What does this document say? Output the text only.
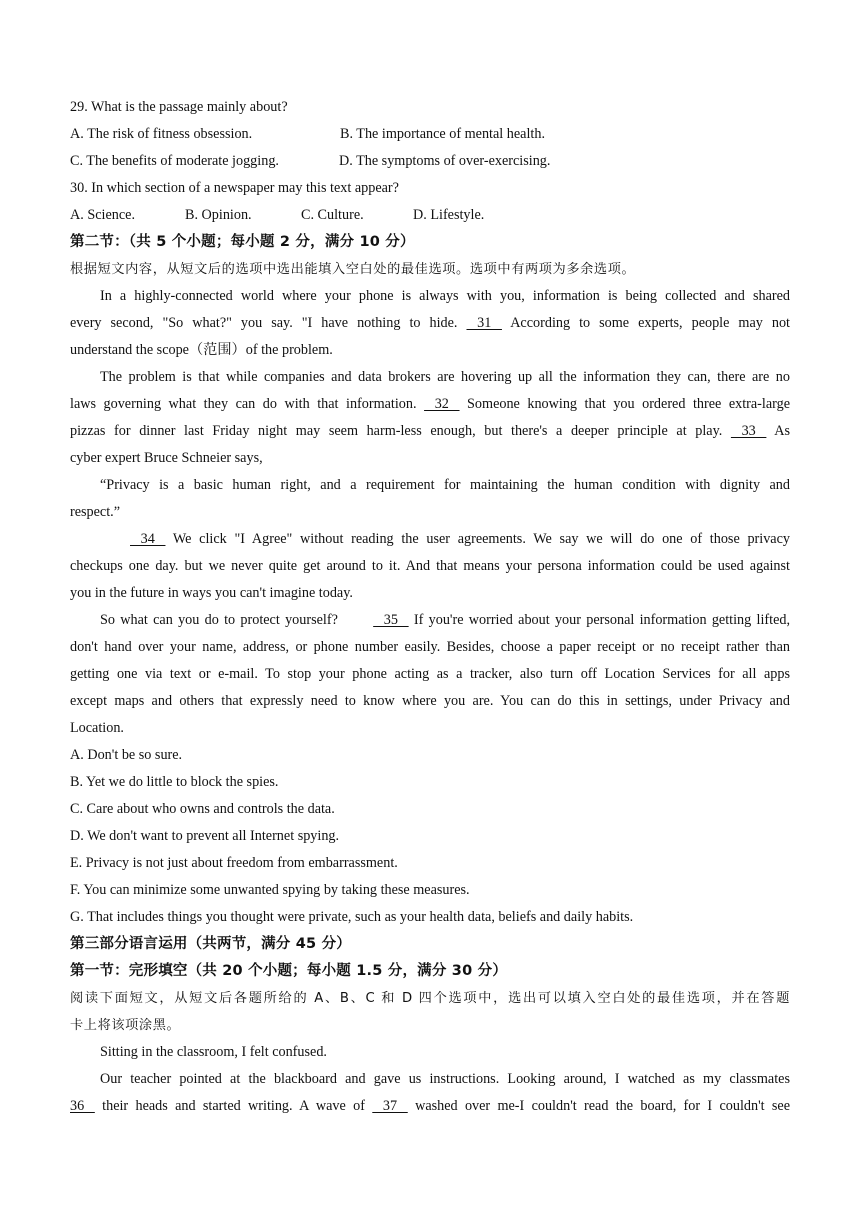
29. What is the passage mainly about?

A. The risk of fitness obsession.	B. The importance of mental health.
C. The benefits of moderate jogging.	D. The symptoms of over-exercising.

30. In which section of a newspaper may this text appear?

A. Science.	B. Opinion.	C. Culture.	D. Lifestyle.

第二节：（共 5 个小题；每小题 2 分，满分 10 分）

根据短文内容，从短文后的选项中选出能填入空白处的最佳选项。选项中有两项为多余选项。

In a highly-connected world where your phone is always with you, information is being collected and shared

every second, "So what?" you say. "I have nothing to hide.    31    According to some experts, people may not

understand the scope（范围）of the problem.

The problem is that while companies and data brokers are hovering up all the information they can, there are no

laws governing what they can do with that information.    32    Someone knowing that you ordered three extra-large

pizzas for dinner last Friday night may seem harm-less enough, but there's a deeper principle at play.    33    As

cyber expert Bruce Schneier says,

“Privacy is a basic human right, and a requirement for maintaining the human condition with dignity and

respect.”

34    We click "I Agree" without reading the user agreements. We say we will do one of those privacy

checkups one day. but we never quite get around to it. And that means your persona information could be used against

you in the future in ways you can't imagine today.

So what can you do to protect yourself?    35    If you're worried about your personal information getting lifted,

don't hand over your name, address, or phone number easily. Besides, choose a paper receipt or no receipt rather than

getting one via text or e-mail. To stop your phone acting as a tracker, also turn off Location Services for all apps

except maps and others that expressly need to know where you are. You can do this in settings, under Privacy and

Location.

A. Don't be so sure.

B. Yet we do little to block the spies.

C. Care about who owns and controls the data.

D. We don't want to prevent all Internet spying.

E. Privacy is not just about freedom from embarrassment.

F. You can minimize some unwanted spying by taking these measures.

G. That includes things you thought were private, such as your health data, beliefs and daily habits.

第三部分语言运用（共两节，满分 45 分）

第一节：完形填空（共 20 个小题；每小题 1.5 分，满分 30 分）

阅读下面短文，从短文后各题所给的 A、B、C 和 D 四个选项中，选出可以填入空白处的最佳选项，并在答题

卡上将该项涂黑。

Sitting in the classroom, I felt confused.

Our teacher pointed at the blackboard and gave us instructions. Looking around, I watched as my classmates

36    their heads and started writing. A wave of    37    washed over me-I couldn't read the board, for I couldn't see
